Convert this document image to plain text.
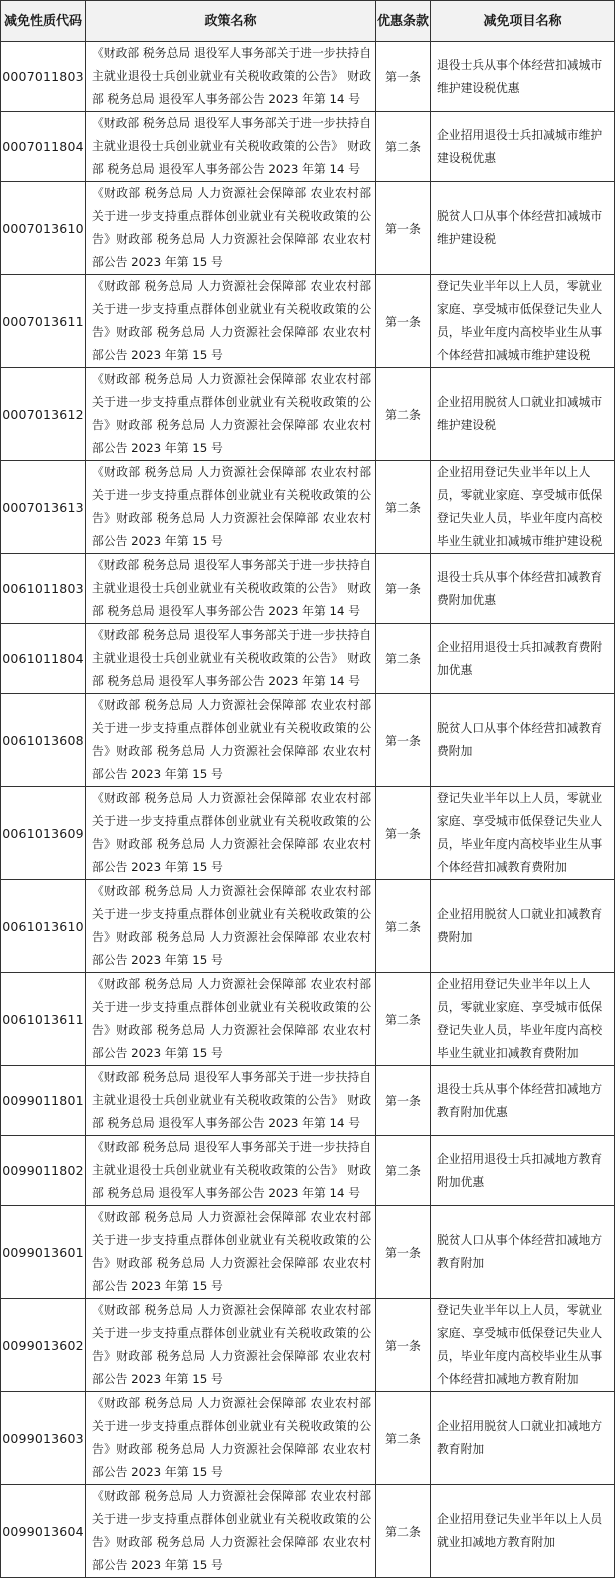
减免性质代码	政策名称	优惠条款	减免项目名称
0007011803	《财政部 税务总局 退役军人事务部关于进一步扶持自主就业退役士兵创业就业有关税收政策的公告》 财政部 税务总局 退役军人事务部公告 2023 年第 14 号	第一条	退役士兵从事个体经营扣减城市维护建设税优惠
0007011804	《财政部 税务总局 退役军人事务部关于进一步扶持自主就业退役士兵创业就业有关税收政策的公告》 财政部 税务总局 退役军人事务部公告 2023 年第 14 号	第二条	企业招用退役士兵扣减城市维护建设税优惠
0007013610	《财政部 税务总局 人力资源社会保障部 农业农村部关于进一步支持重点群体创业就业有关税收政策的公告》财政部 税务总局 人力资源社会保障部 农业农村部公告 2023 年第 15 号	第一条	脱贫人口从事个体经营扣减城市维护建设税
0007013611	《财政部 税务总局 人力资源社会保障部 农业农村部关于进一步支持重点群体创业就业有关税收政策的公告》财政部 税务总局 人力资源社会保障部 农业农村部公告 2023 年第 15 号	第一条	登记失业半年以上人员，零就业家庭、享受城市低保登记失业人员，毕业年度内高校毕业生从事个体经营扣减城市维护建设税
0007013612	《财政部 税务总局 人力资源社会保障部 农业农村部关于进一步支持重点群体创业就业有关税收政策的公告》财政部 税务总局 人力资源社会保障部 农业农村部公告 2023 年第 15 号	第二条	企业招用脱贫人口就业扣减城市维护建设税
0007013613	《财政部 税务总局 人力资源社会保障部 农业农村部关于进一步支持重点群体创业就业有关税收政策的公告》财政部 税务总局 人力资源社会保障部 农业农村部公告 2023 年第 15 号	第二条	企业招用登记失业半年以上人员，零就业家庭、享受城市低保登记失业人员，毕业年度内高校毕业生就业扣减城市维护建设税
0061011803	《财政部 税务总局 退役军人事务部关于进一步扶持自主就业退役士兵创业就业有关税收政策的公告》 财政部 税务总局 退役军人事务部公告 2023 年第 14 号	第一条	退役士兵从事个体经营扣减教育费附加优惠
0061011804	《财政部 税务总局 退役军人事务部关于进一步扶持自主就业退役士兵创业就业有关税收政策的公告》 财政部 税务总局 退役军人事务部公告 2023 年第 14 号	第二条	企业招用退役士兵扣减教育费附加优惠
0061013608	《财政部 税务总局 人力资源社会保障部 农业农村部关于进一步支持重点群体创业就业有关税收政策的公告》财政部 税务总局 人力资源社会保障部 农业农村部公告 2023 年第 15 号	第一条	脱贫人口从事个体经营扣减教育费附加
0061013609	《财政部 税务总局 人力资源社会保障部 农业农村部关于进一步支持重点群体创业就业有关税收政策的公告》财政部 税务总局 人力资源社会保障部 农业农村部公告 2023 年第 15 号	第一条	登记失业半年以上人员，零就业家庭、享受城市低保登记失业人员，毕业年度内高校毕业生从事个体经营扣减教育费附加
0061013610	《财政部 税务总局 人力资源社会保障部 农业农村部关于进一步支持重点群体创业就业有关税收政策的公告》财政部 税务总局 人力资源社会保障部 农业农村部公告 2023 年第 15 号	第二条	企业招用脱贫人口就业扣减教育费附加
0061013611	《财政部 税务总局 人力资源社会保障部 农业农村部关于进一步支持重点群体创业就业有关税收政策的公告》财政部 税务总局 人力资源社会保障部 农业农村部公告 2023 年第 15 号	第二条	企业招用登记失业半年以上人员，零就业家庭、享受城市低保登记失业人员，毕业年度内高校毕业生就业扣减教育费附加
0099011801	《财政部 税务总局 退役军人事务部关于进一步扶持自主就业退役士兵创业就业有关税收政策的公告》 财政部 税务总局 退役军人事务部公告 2023 年第 14 号	第一条	退役士兵从事个体经营扣减地方教育附加优惠
0099011802	《财政部 税务总局 退役军人事务部关于进一步扶持自主就业退役士兵创业就业有关税收政策的公告》 财政部 税务总局 退役军人事务部公告 2023 年第 14 号	第二条	企业招用退役士兵扣减地方教育附加优惠
0099013601	《财政部 税务总局 人力资源社会保障部 农业农村部关于进一步支持重点群体创业就业有关税收政策的公告》财政部 税务总局 人力资源社会保障部 农业农村部公告 2023 年第 15 号	第一条	脱贫人口从事个体经营扣减地方教育附加
0099013602	《财政部 税务总局 人力资源社会保障部 农业农村部关于进一步支持重点群体创业就业有关税收政策的公告》财政部 税务总局 人力资源社会保障部 农业农村部公告 2023 年第 15 号	第一条	登记失业半年以上人员，零就业家庭、享受城市低保登记失业人员，毕业年度内高校毕业生从事个体经营扣减地方教育附加
0099013603	《财政部 税务总局 人力资源社会保障部 农业农村部关于进一步支持重点群体创业就业有关税收政策的公告》财政部 税务总局 人力资源社会保障部 农业农村部公告 2023 年第 15 号	第二条	企业招用脱贫人口就业扣减地方教育附加
0099013604	《财政部 税务总局 人力资源社会保障部 农业农村部关于进一步支持重点群体创业就业有关税收政策的公告》财政部 税务总局 人力资源社会保障部 农业农村部公告 2023 年第 15 号	第二条	企业招用登记失业半年以上人员就业扣减地方教育附加
